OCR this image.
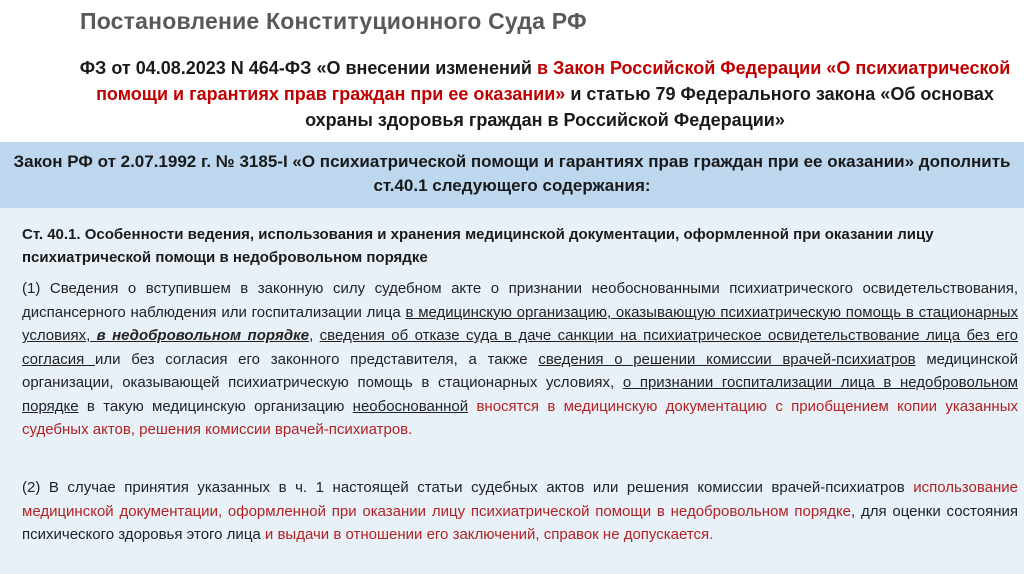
Постановление Конституционного Суда РФ
ФЗ от 04.08.2023 N 464-ФЗ «О внесении изменений в Закон Российской Федерации «О психиатрической помощи и гарантиях прав граждан при ее оказании» и статью 79 Федерального закона «Об основах охраны здоровья граждан в Российской Федерации»
Закон РФ от 2.07.1992 г. № 3185-I «О психиатрической помощи и гарантиях прав граждан при ее оказании» дополнить ст.40.1 следующего содержания:
Ст. 40.1. Особенности ведения, использования и хранения медицинской документации, оформленной при оказании лицу психиатрической помощи в недобровольном порядке
(1) Сведения о вступившем в законную силу судебном акте о признании необоснованными психиатрического освидетельствования, диспансерного наблюдения или госпитализации лица в медицинскую организацию, оказывающую психиатрическую помощь в стационарных условиях, в недобровольном порядке, сведения об отказе суда в даче санкции на психиатрическое освидетельствование лица без его согласия или без согласия его законного представителя, а также сведения о решении комиссии врачей-психиатров медицинской организации, оказывающей психиатрическую помощь в стационарных условиях, о признании госпитализации лица в недобровольном порядке в такую медицинскую организацию необоснованной вносятся в медицинскую документацию с приобщением копии указанных судебных актов, решения комиссии врачей-психиатров.
(2) В случае принятия указанных в ч. 1 настоящей статьи судебных актов или решения комиссии врачей-психиатров использование медицинской документации, оформленной при оказании лицу психиатрической помощи в недобровольном порядке, для оценки состояния психического здоровья этого лица и выдачи в отношении его заключений, справок не допускается.
